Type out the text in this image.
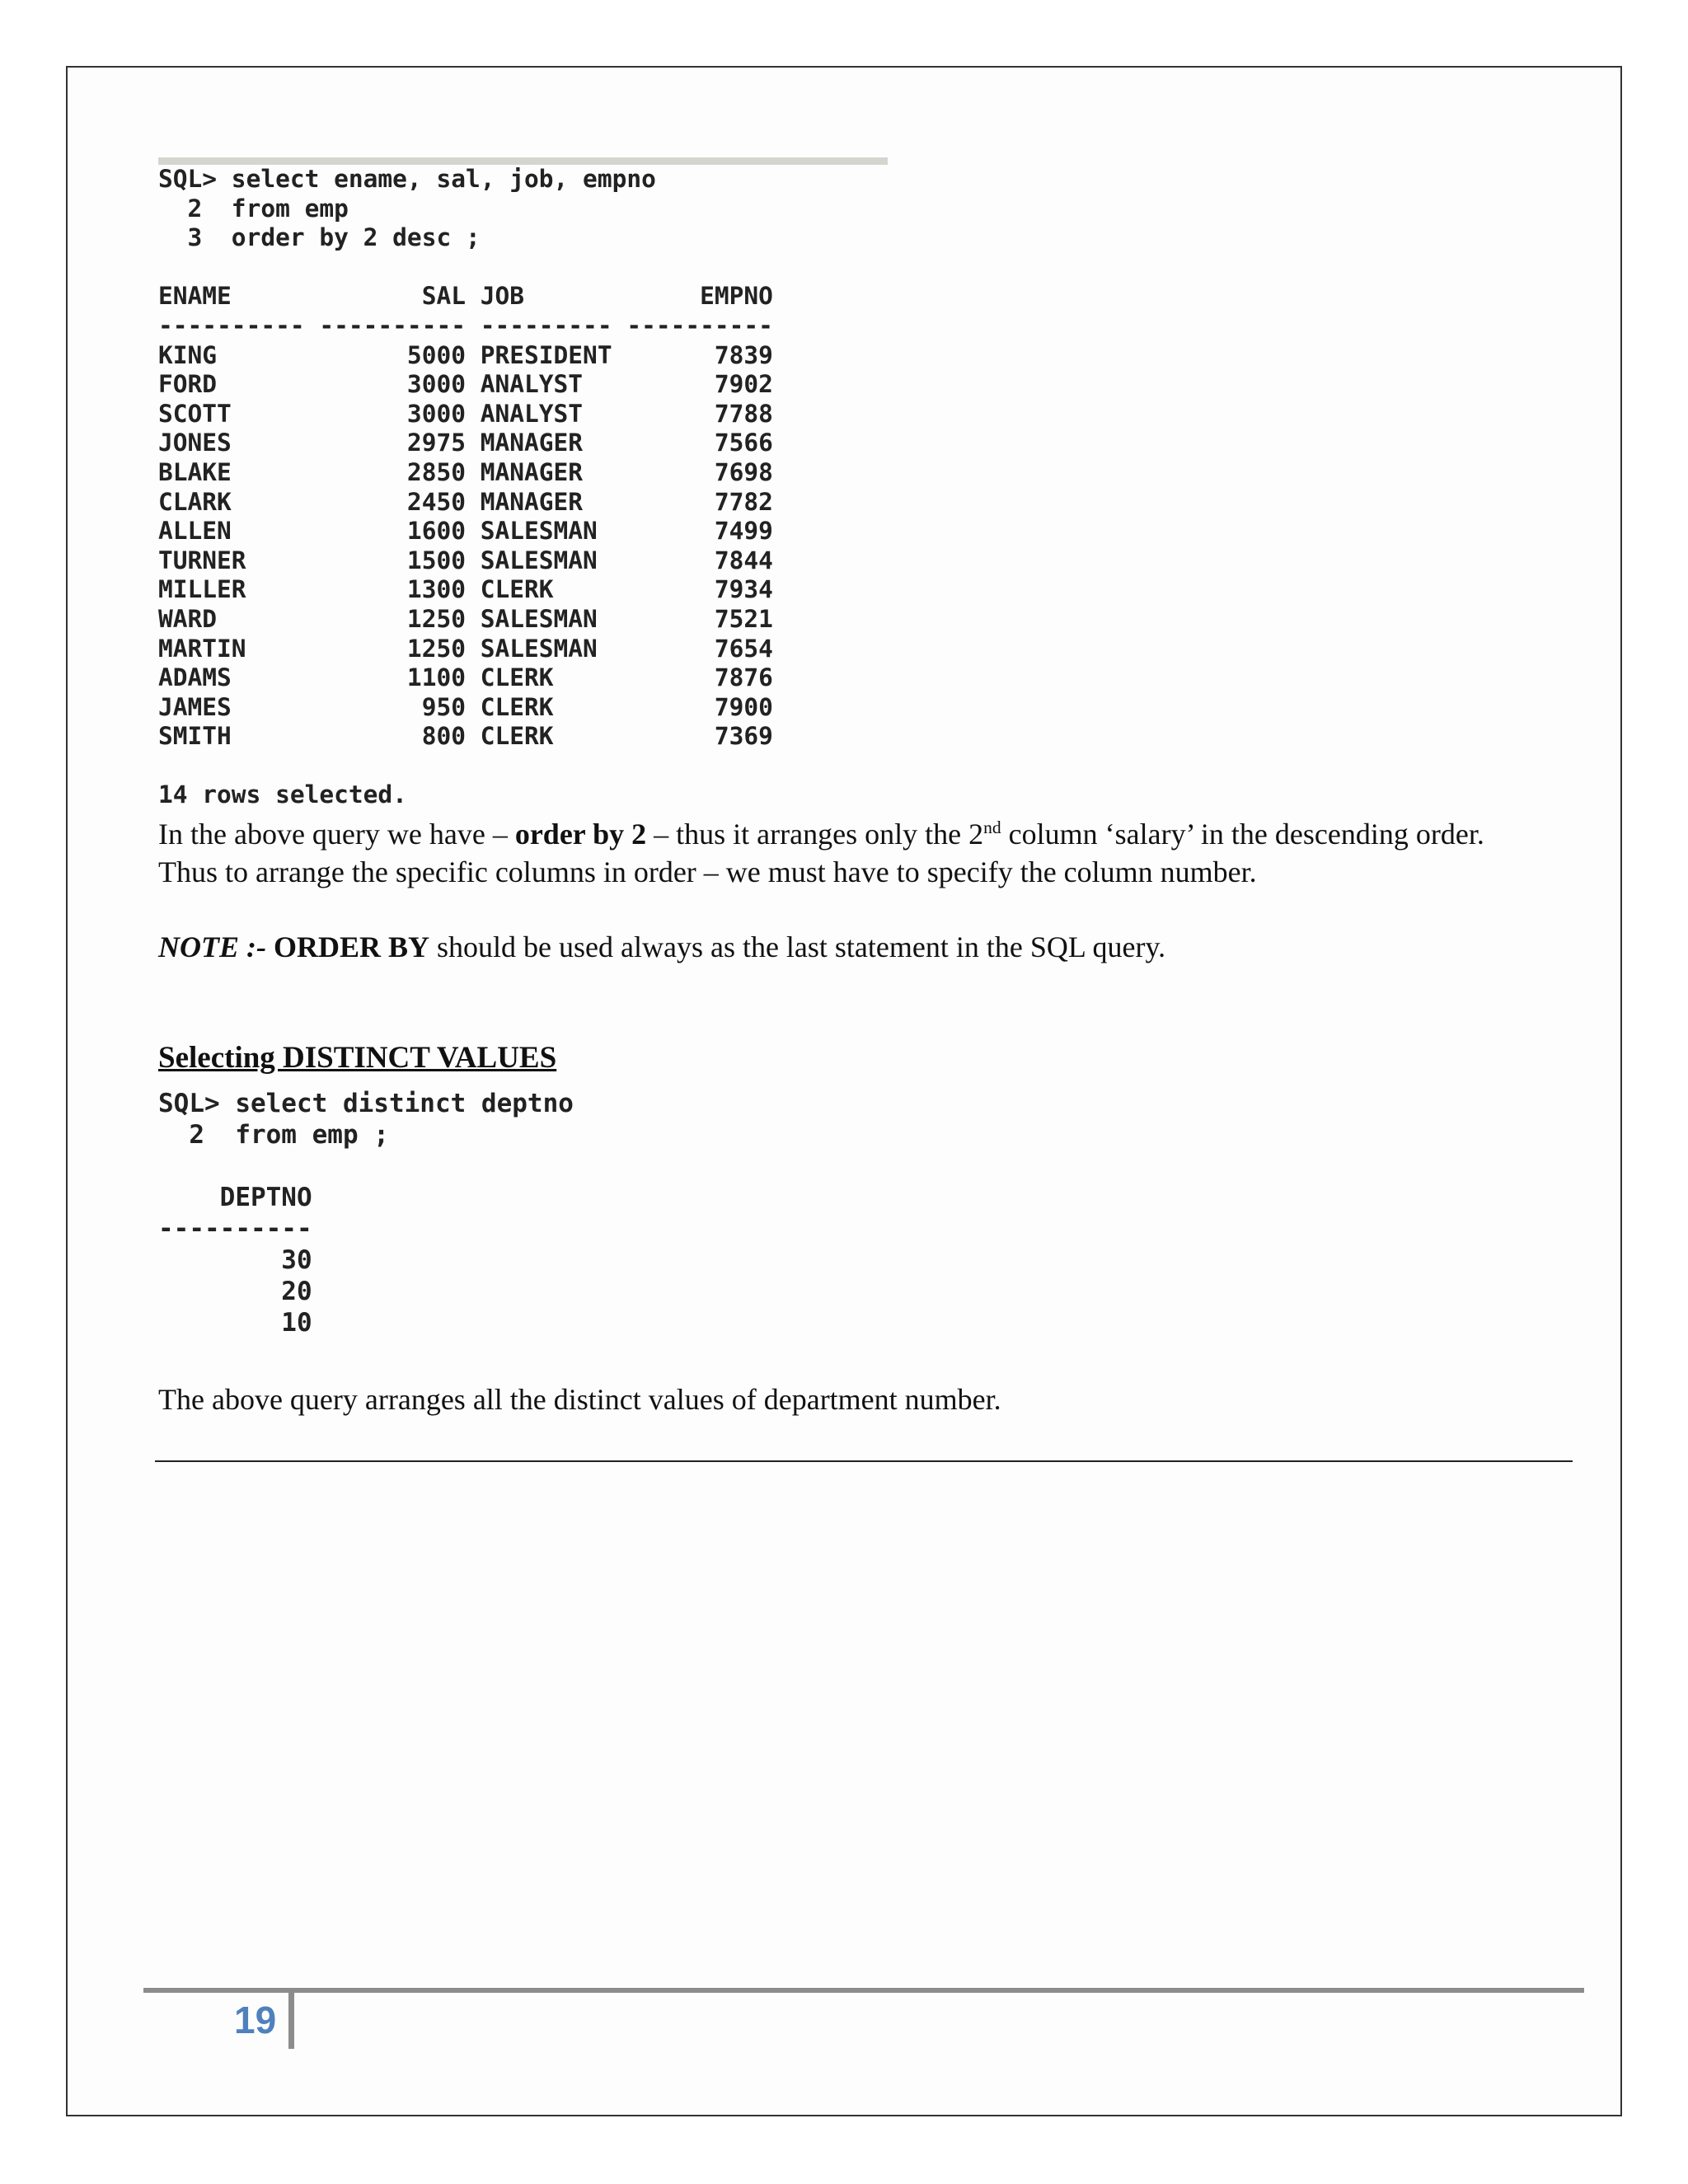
SQL> select ename, sal, job, empno
2  from emp
3  order by 2 desc ;

ENAME             SAL JOB            EMPNO
---------- ---------- --------- ----------
KING             5000 PRESIDENT       7839
FORD             3000 ANALYST         7902
SCOTT            3000 ANALYST         7788
JONES            2975 MANAGER         7566
BLAKE            2850 MANAGER         7698
CLARK            2450 MANAGER         7782
ALLEN            1600 SALESMAN        7499
TURNER           1500 SALESMAN        7844
MILLER           1300 CLERK           7934
WARD             1250 SALESMAN        7521
MARTIN           1250 SALESMAN        7654
ADAMS            1100 CLERK           7876
JAMES             950 CLERK           7900
SMITH             800 CLERK           7369

14 rows selected.

In the above query we have – order by 2 – thus it arranges only the 2nd column ‘salary’ in the descending order.

Thus to arrange the specific columns in order – we must have to specify the column number.

NOTE :- ORDER BY should be used always as the last statement in the SQL query.

Selecting DISTINCT VALUES
SQL> select distinct deptno
2  from emp ;

DEPTNO
----------
30
20
10
The above query arranges all the distinct values of department number.
19
